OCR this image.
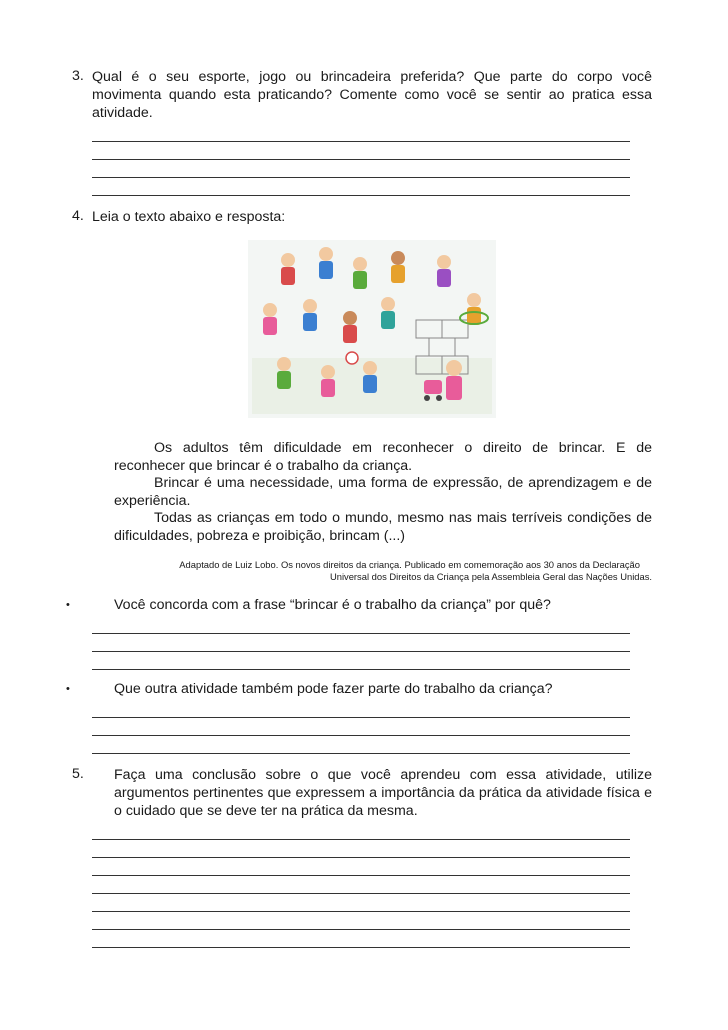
3. Qual é o seu esporte, jogo ou brincadeira preferida? Que parte do corpo você movimenta quando esta praticando? Comente como você se sentir ao pratica essa atividade.
4. Leia o texto abaixo e resposta:
Os adultos têm dificuldade em reconhecer o direito de brincar. E de reconhecer que brincar é o trabalho da criança.
Brincar é uma necessidade, uma forma de expressão, de aprendizagem e de experiência.
Todas as crianças em todo o mundo, mesmo nas mais terríveis condições de dificuldades, pobreza e proibição, brincam (...)
Adaptado de Luiz Lobo. Os novos direitos da criança. Publicado em comemoração aos 30 anos da Declaração
Universal dos Direitos da Criança pela Assembleia Geral das Nações Unidas.
•	Você concorda com a frase “brincar é o trabalho da criança” por quê?
•	Que outra atividade também pode fazer parte do trabalho da criança?
5. Faça uma conclusão sobre o que você aprendeu com essa atividade, utilize argumentos pertinentes que expressem a importância da prática da atividade física e o cuidado que se deve ter na prática da mesma.
